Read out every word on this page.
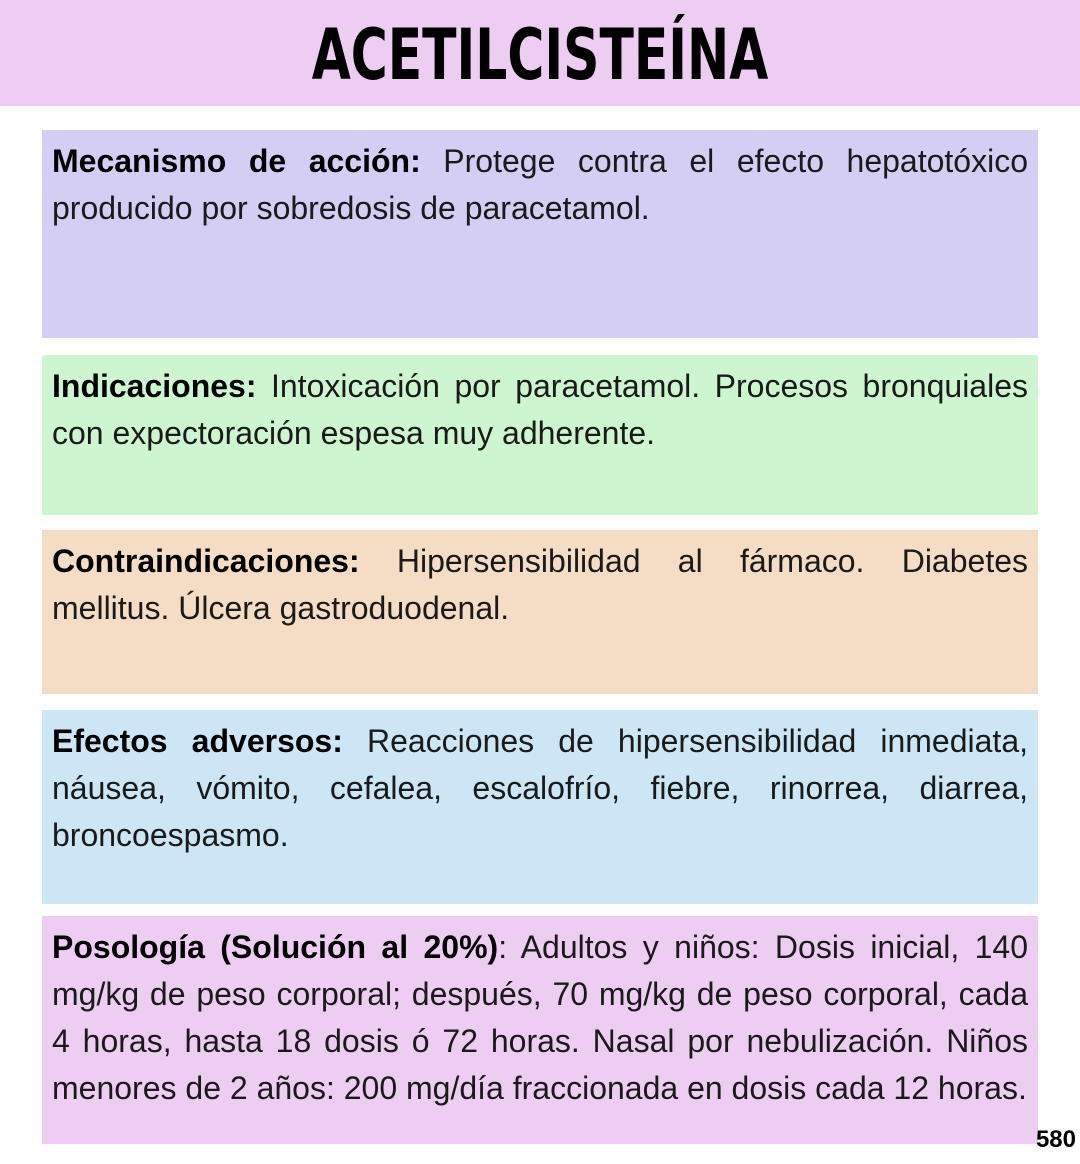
ACETILCISTEÍNA

Mecanismo de acción: Protege contra el efecto hepatotóxico producido por sobredosis de paracetamol.

Indicaciones: Intoxicación por paracetamol. Procesos bronquiales con expectoración espesa muy adherente.

Contraindicaciones: Hipersensibilidad al fármaco. Diabetes mellitus. Úlcera gastroduodenal.

Efectos adversos: Reacciones de hipersensibilidad inmediata, náusea, vómito, cefalea, escalofrío, fiebre, rinorrea, diarrea, broncoespasmo.

Posología (Solución al 20%): Adultos y niños: Dosis inicial, 140 mg/kg de peso corporal; después, 70 mg/kg de peso corporal, cada 4 horas, hasta 18 dosis ó 72 horas. Nasal por nebulización. Niños menores de 2 años: 200 mg/día fraccionada en dosis cada 12 horas.

580
